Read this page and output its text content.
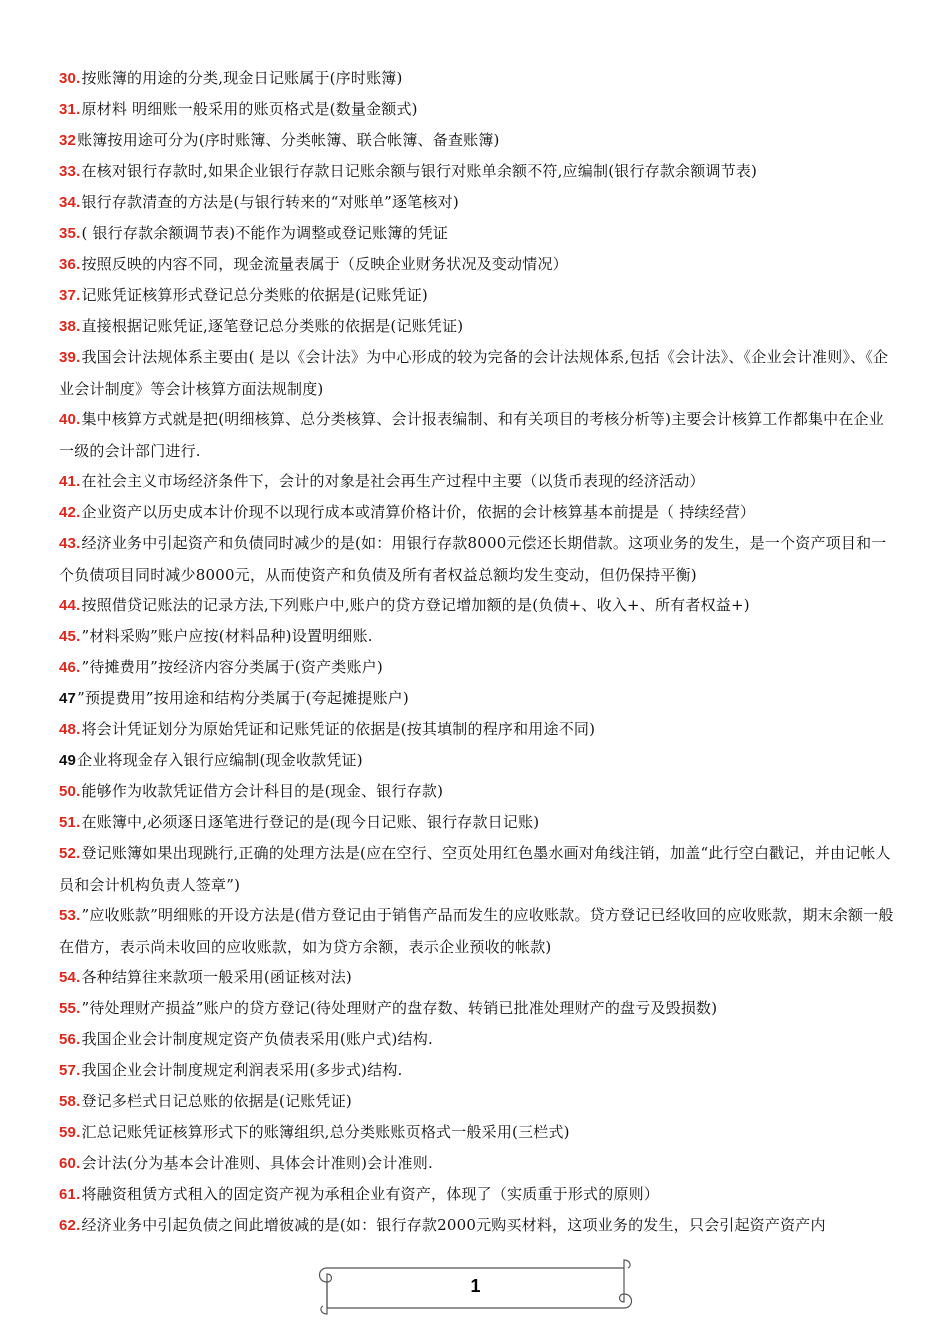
30.按账簿的用途的分类,现金日记账属于(序时账簿)
31.原材料 明细账一般采用的账页格式是(数量金额式)
32账簿按用途可分为(序时账簿、分类帐簿、联合帐簿、备查账簿)
33.在核对银行存款时,如果企业银行存款日记账余额与银行对账单余额不符,应编制(银行存款余额调节表)
34.银行存款清查的方法是(与银行转来的“对账单”逐笔核对)
35.( 银行存款余额调节表)不能作为调整或登记账簿的凭证
36.按照反映的内容不同，现金流量表属于（反映企业财务状况及变动情况）
37.记账凭证核算形式登记总分类账的依据是(记账凭证)
38.直接根据记账凭证,逐笔登记总分类账的依据是(记账凭证)
39.我国会计法规体系主要由( 是以《会计法》为中心形成的较为完备的会计法规体系,包括《会计法》、《企业会计准则》、《企业会计制度》等会计核算方面法规制度)
40.集中核算方式就是把(明细核算、总分类核算、会计报表编制、和有关项目的考核分析等)主要会计核算工作都集中在企业一级的会计部门进行.
41.在社会主义市场经济条件下，会计的对象是社会再生产过程中主要（以货币表现的经济活动）
42.企业资产以历史成本计价现不以现行成本或清算价格计价，依据的会计核算基本前提是（ 持续经营）
43.经济业务中引起资产和负债同时减少的是(如：用银行存款8000元偿还长期借款。这项业务的发生，是一个资产项目和一个负债项目同时减少8000元，从而使资产和负债及所有者权益总额均发生变动，但仍保持平衡)
44.按照借贷记账法的记录方法,下列账户中,账户的贷方登记增加额的是(负债+、收入+、所有者权益+)
45.”材料采购”账户应按(材料品种)设置明细账.
46.”待摊费用”按经济内容分类属于(资产类账户)
47”预提费用”按用途和结构分类属于(夸起摊提账户)
48.将会计凭证划分为原始凭证和记账凭证的依据是(按其填制的程序和用途不同)
49企业将现金存入银行应编制(现金收款凭证)
50.能够作为收款凭证借方会计科目的是(现金、银行存款)
51.在账簿中,必须逐日逐笔进行登记的是(现今日记账、银行存款日记账)
52.登记账簿如果出现跳行,正确的处理方法是(应在空行、空页处用红色墨水画对角线注销，加盖“此行空白戳记，并由记帐人员和会计机构负责人签章”)
53.”应收账款”明细账的开设方法是(借方登记由于销售产品而发生的应收账款。贷方登记已经收回的应收账款，期末余额一般在借方，表示尚未收回的应收账款，如为贷方余额，表示企业预收的帐款)
54.各种结算往来款项一般采用(函证核对法)
55.”待处理财产损益”账户的贷方登记(待处理财产的盘存数、转销已批准处理财产的盘亏及毁损数)
56.我国企业会计制度规定资产负债表采用(账户式)结构.
57.我国企业会计制度规定利润表采用(多步式)结构.
58.登记多栏式日记总账的依据是(记账凭证)
59.汇总记账凭证核算形式下的账簿组织,总分类账账页格式一般采用(三栏式)
60.会计法(分为基本会计准则、具体会计准则)会计准则.
61.将融资租赁方式租入的固定资产视为承租企业有资产，体现了（实质重于形式的原则）
62.经济业务中引起负债之间此增彼减的是(如：银行存款2000元购买材料，这项业务的发生，只会引起资产资产内
1
